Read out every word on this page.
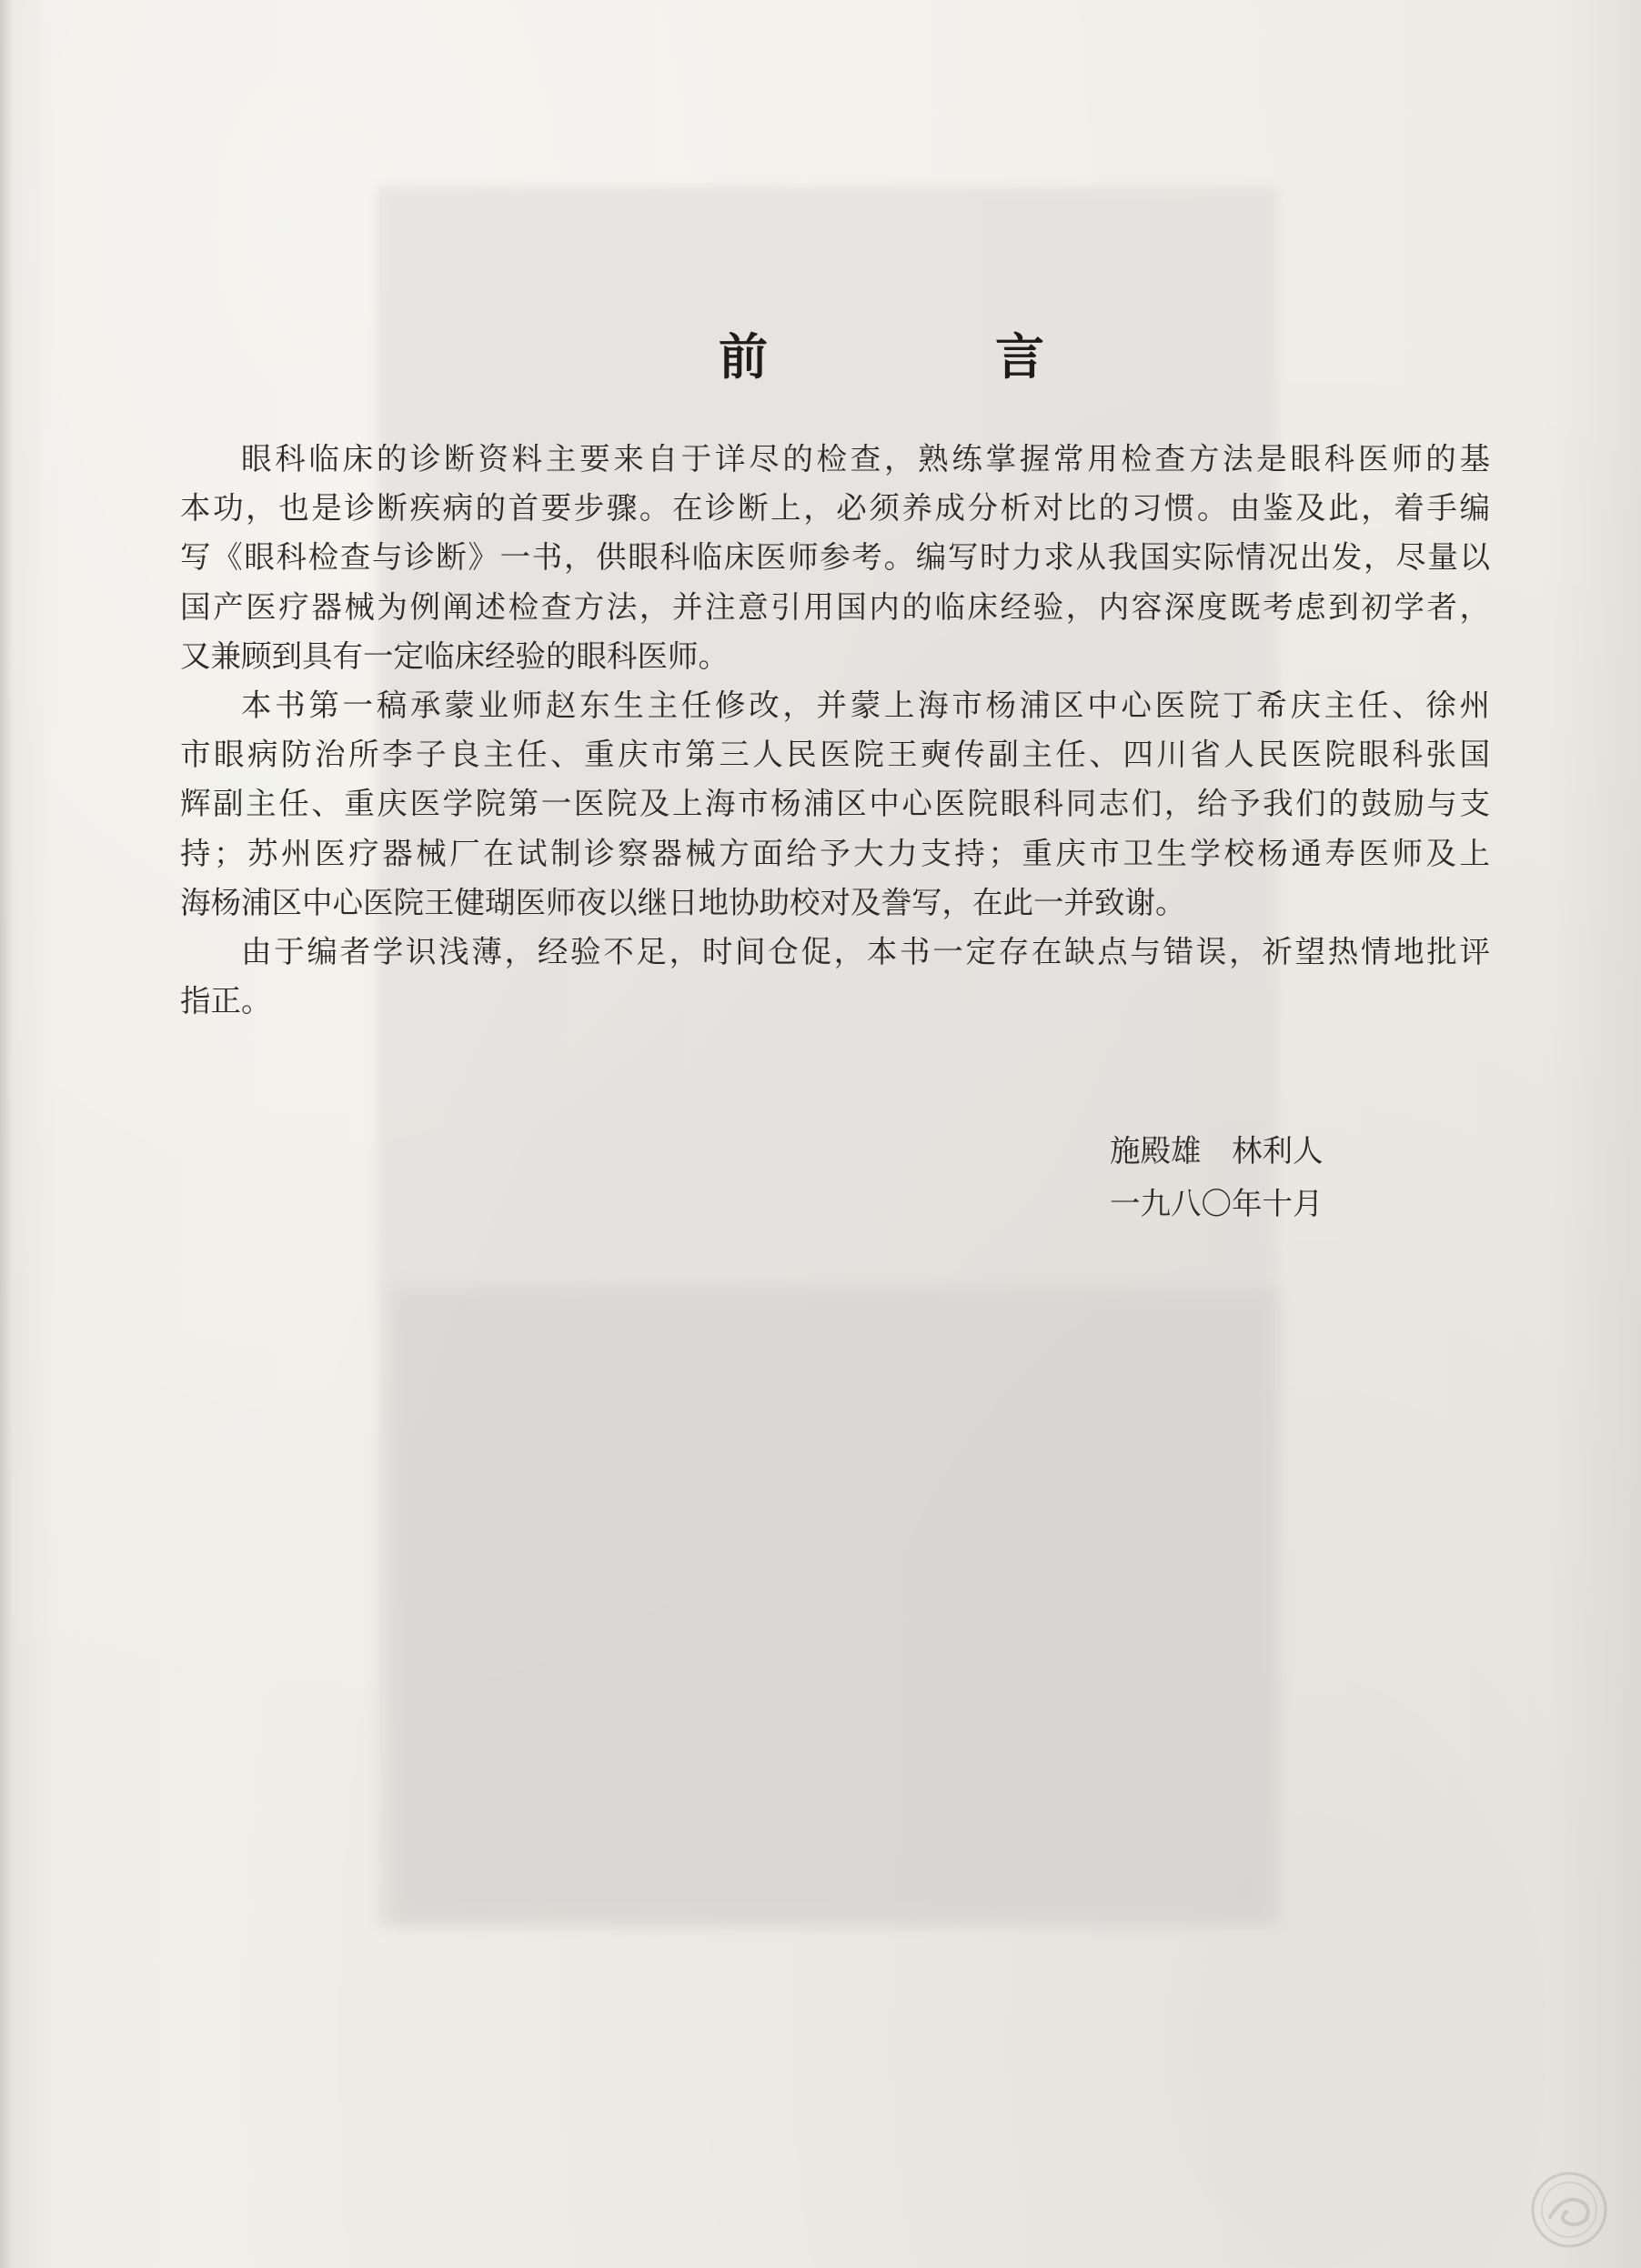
前　言
眼科临床的诊断资料主要来自于详尽的检查，熟练掌握常用检查方法是眼科医师的基
本功，也是诊断疾病的首要步骤。在诊断上，必须养成分析对比的习惯。由鉴及此，着手编
写《眼科检查与诊断》一书，供眼科临床医师参考。编写时力求从我国实际情况出发，尽量以
国产医疗器械为例阐述检查方法，并注意引用国内的临床经验，内容深度既考虑到初学者，
又兼顾到具有一定临床经验的眼科医师。
本书第一稿承蒙业师赵东生主任修改，并蒙上海市杨浦区中心医院丁希庆主任、徐州
市眼病防治所李子良主任、重庆市第三人民医院王奭传副主任、四川省人民医院眼科张国
辉副主任、重庆医学院第一医院及上海市杨浦区中心医院眼科同志们，给予我们的鼓励与支
持；苏州医疗器械厂在试制诊察器械方面给予大力支持；重庆市卫生学校杨通寿医师及上
海杨浦区中心医院王健瑚医师夜以继日地协助校对及誊写，在此一并致谢。
由于编者学识浅薄，经验不足，时间仓促，本书一定存在缺点与错误，祈望热情地批评
指正。
施殿雄　林利人
一九八〇年十月
